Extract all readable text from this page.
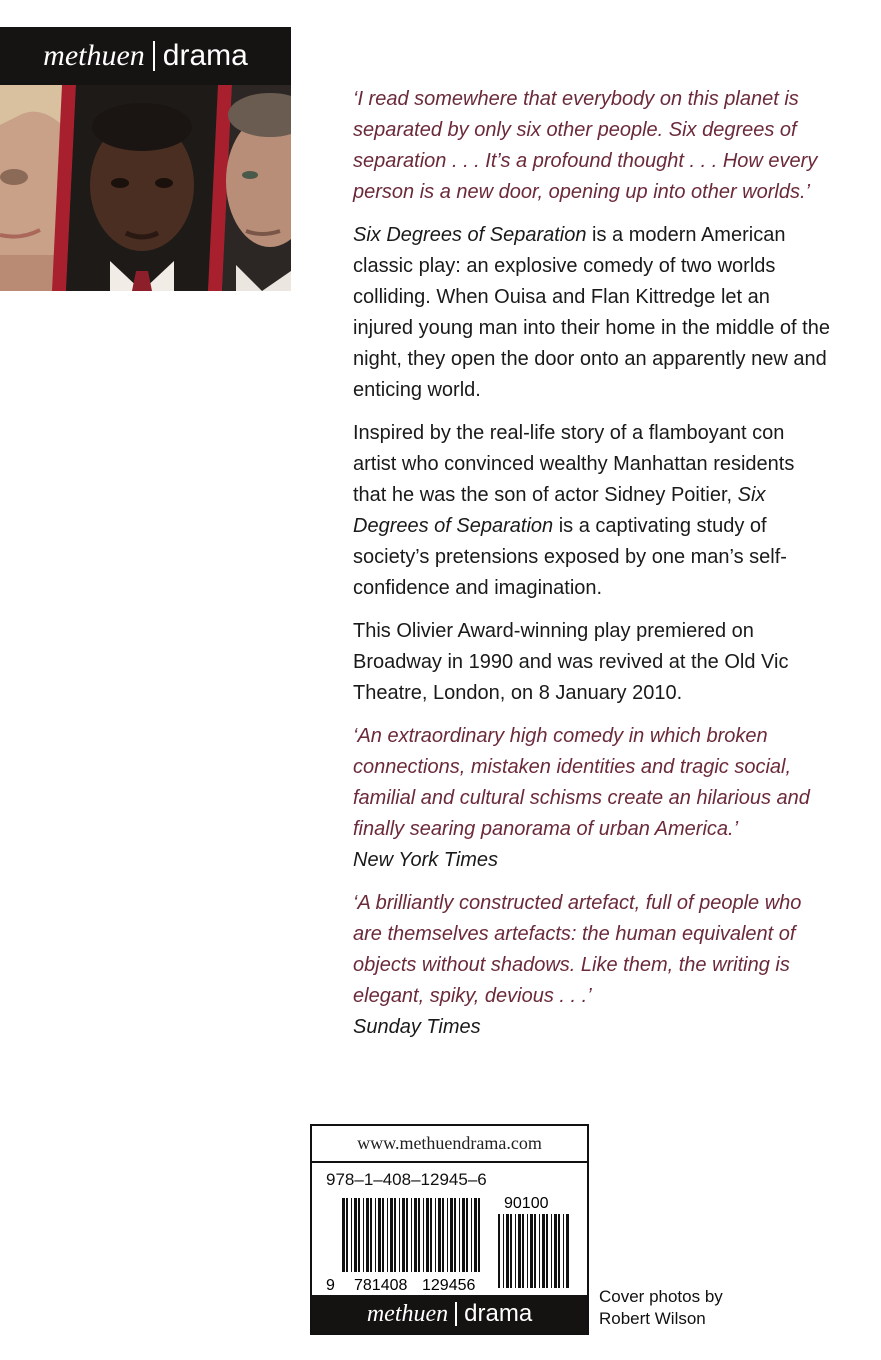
methuen drama

‘I read somewhere that everybody on this planet is separated by only six other people. Six degrees of separation . . . It’s a profound thought . . . How every person is a new door, opening up into other worlds.’

Six Degrees of Separation is a modern American classic play: an explosive comedy of two worlds colliding. When Ouisa and Flan Kittredge let an injured young man into their home in the middle of the night, they open the door onto an apparently new and enticing world.

Inspired by the real-life story of a flamboyant con artist who convinced wealthy Manhattan residents that he was the son of actor Sidney Poitier, Six Degrees of Separation is a captivating study of society’s pretensions exposed by one man’s self-confidence and imagination.

This Olivier Award-winning play premiered on Broadway in 1990 and was revived at the Old Vic Theatre, London, on 8 January 2010.

‘An extraordinary high comedy in which broken connections, mistaken identities and tragic social, familial and cultural schisms create an hilarious and finally searing panorama of urban America.’
New York Times

‘A brilliantly constructed artefact, full of people who are themselves artefacts: the human equivalent of objects without shadows. Like them, the writing is elegant, spiky, devious . . .’
Sunday Times

www.methuendrama.com
978–1–408–12945–6
90100
9 781408 129456
methuen drama
Cover photos by
Robert Wilson
